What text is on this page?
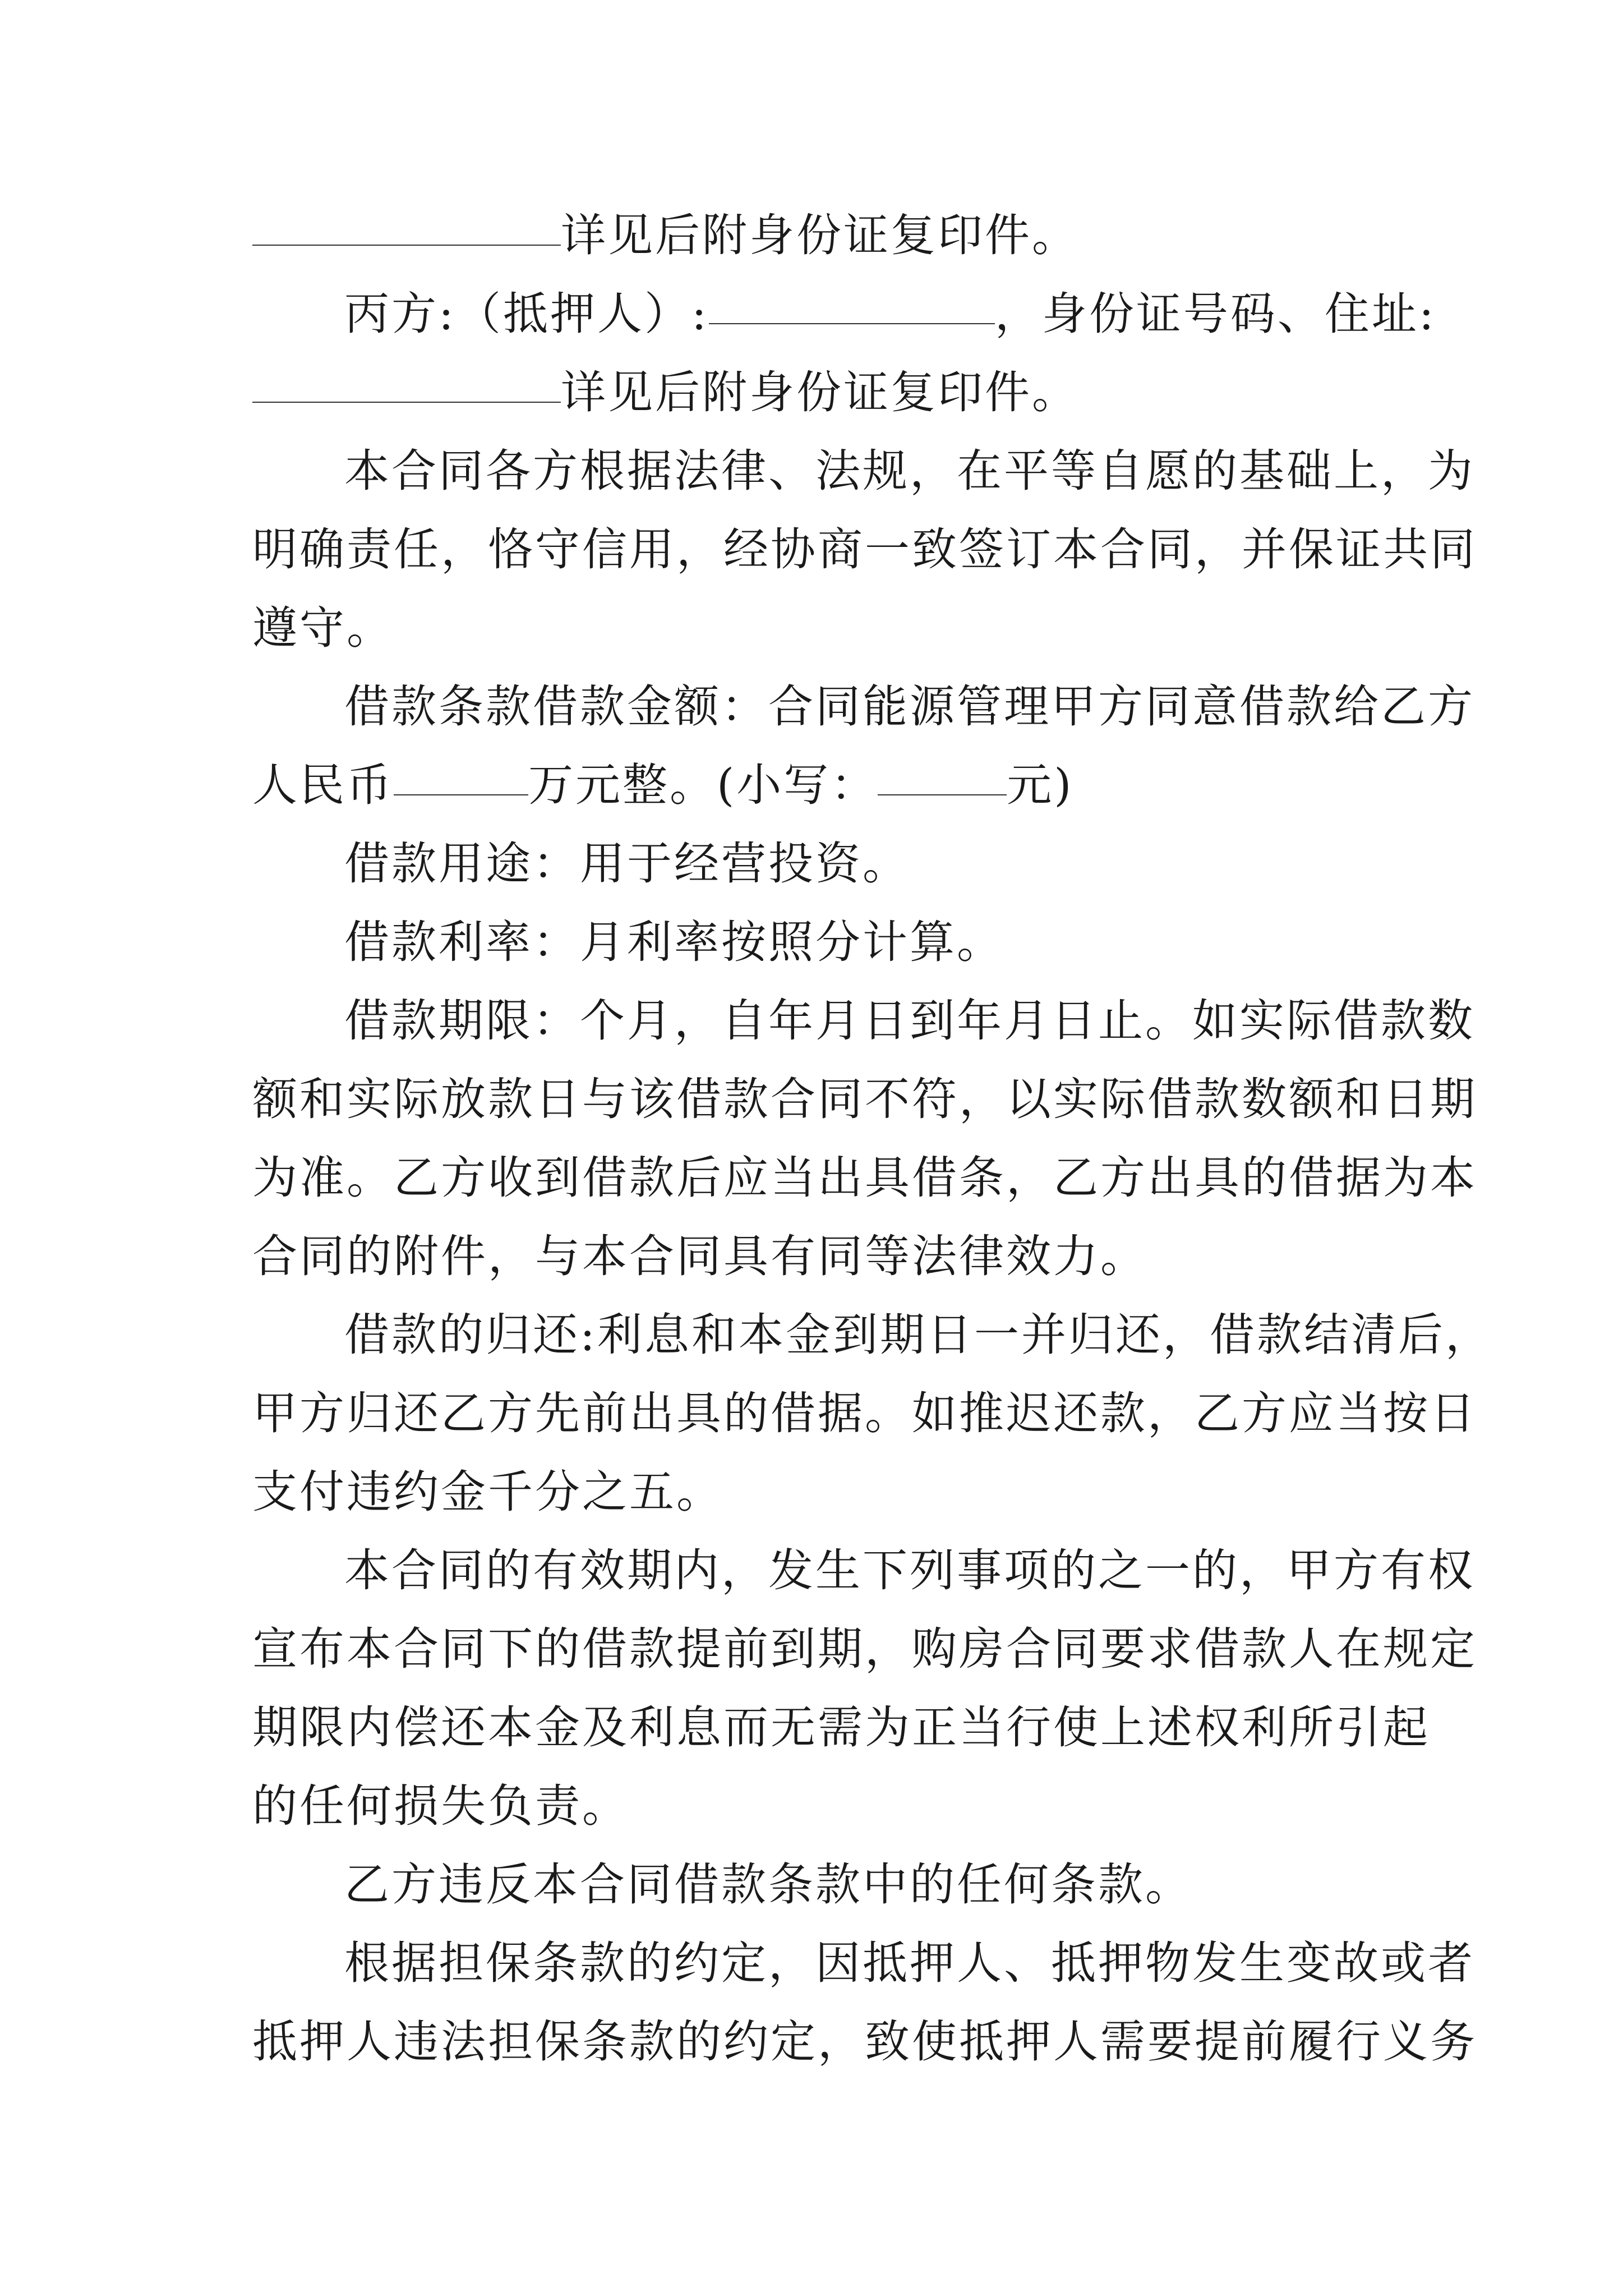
详见后附身份证复印件。
丙方:（抵押人）:	，身份证号码、住址:
详见后附身份证复印件。
本合同各方根据法律、法规，在平等自愿的基础上，为
明确责任，恪守信用，经协商一致签订本合同，并保证共同
遵守。
借款条款借款金额：合同能源管理甲方同意借款给乙方
人民币	万元整。(小写：	元)
借款用途：用于经营投资。
借款利率：月利率按照分计算。
借款期限：个月，自年月日到年月日止。如实际借款数
额和实际放款日与该借款合同不符，以实际借款数额和日期
为准。乙方收到借款后应当出具借条，乙方出具的借据为本
合同的附件，与本合同具有同等法律效力。
借款的归还:利息和本金到期日一并归还，借款结清后，
甲方归还乙方先前出具的借据。如推迟还款，乙方应当按日
支付违约金千分之五。
本合同的有效期内，发生下列事项的之一的，甲方有权
宣布本合同下的借款提前到期，购房合同要求借款人在规定
期限内偿还本金及利息而无需为正当行使上述权利所引起
的任何损失负责。
乙方违反本合同借款条款中的任何条款。
根据担保条款的约定，因抵押人、抵押物发生变故或者
抵押人违法担保条款的约定，致使抵押人需要提前履行义务
